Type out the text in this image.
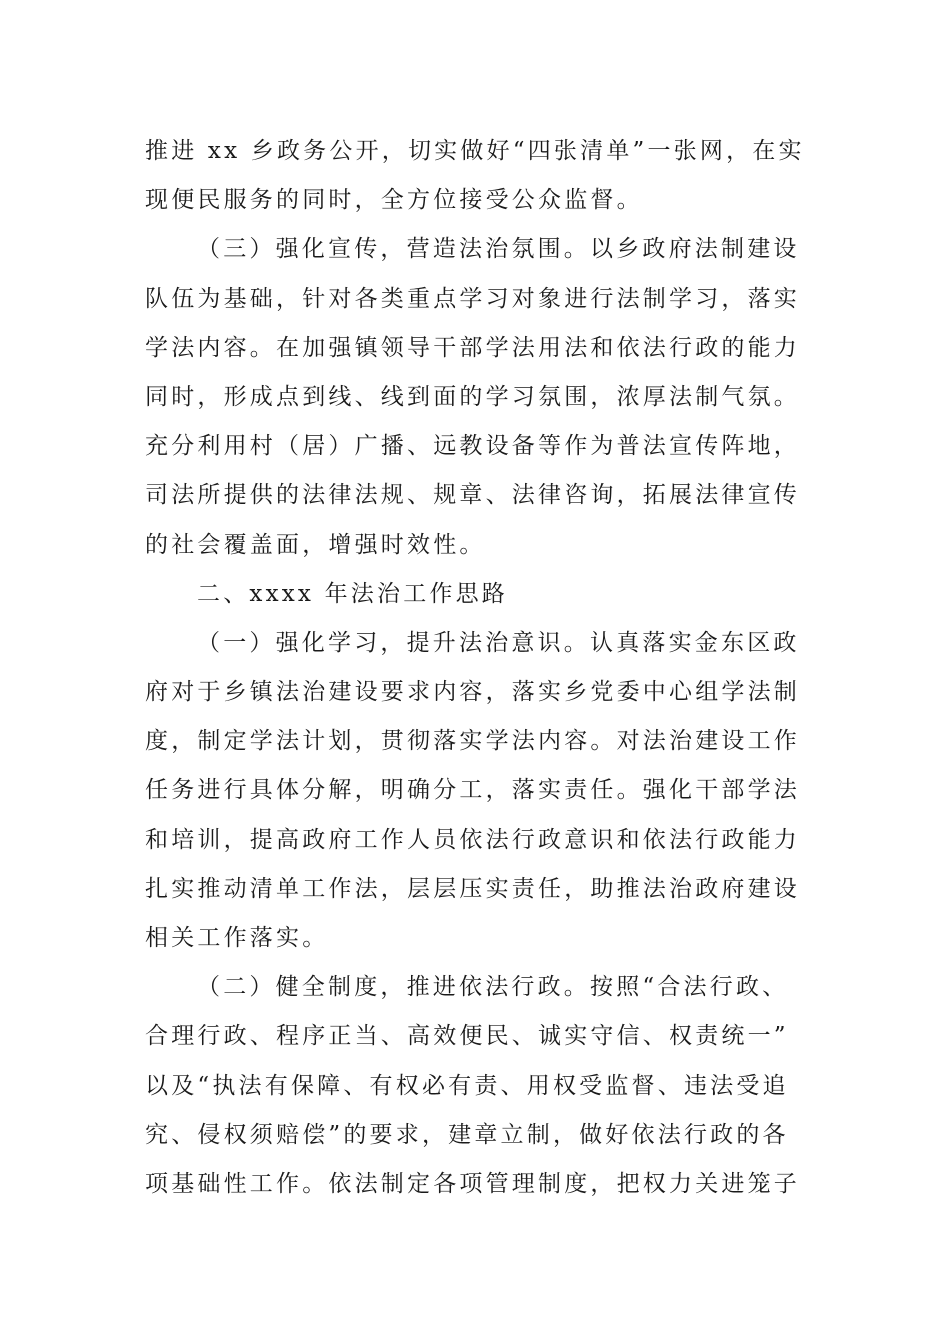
推进 xx 乡政务公开，切实做好“四张清单”一张网，在实
现便民服务的同时，全方位接受公众监督。
（三）强化宣传，营造法治氛围。以乡政府法制建设
队伍为基础，针对各类重点学习对象进行法制学习，落实
学法内容。在加强镇领导干部学法用法和依法行政的能力
同时，形成点到线、线到面的学习氛围，浓厚法制气氛。
充分利用村（居）广播、远教设备等作为普法宣传阵地，
司法所提供的法律法规、规章、法律咨询，拓展法律宣传
的社会覆盖面，增强时效性。
二、xxxx 年法治工作思路
（一）强化学习，提升法治意识。认真落实金东区政
府对于乡镇法治建设要求内容，落实乡党委中心组学法制
度，制定学法计划，贯彻落实学法内容。对法治建设工作
任务进行具体分解，明确分工，落实责任。强化干部学法
和培训，提高政府工作人员依法行政意识和依法行政能力
扎实推动清单工作法，层层压实责任，助推法治政府建设
相关工作落实。
（二）健全制度，推进依法行政。按照“合法行政、
合理行政、程序正当、高效便民、诚实守信、权责统一”
以及“执法有保障、有权必有责、用权受监督、违法受追
究、侵权须赔偿”的要求，建章立制，做好依法行政的各
项基础性工作。依法制定各项管理制度，把权力关进笼子
